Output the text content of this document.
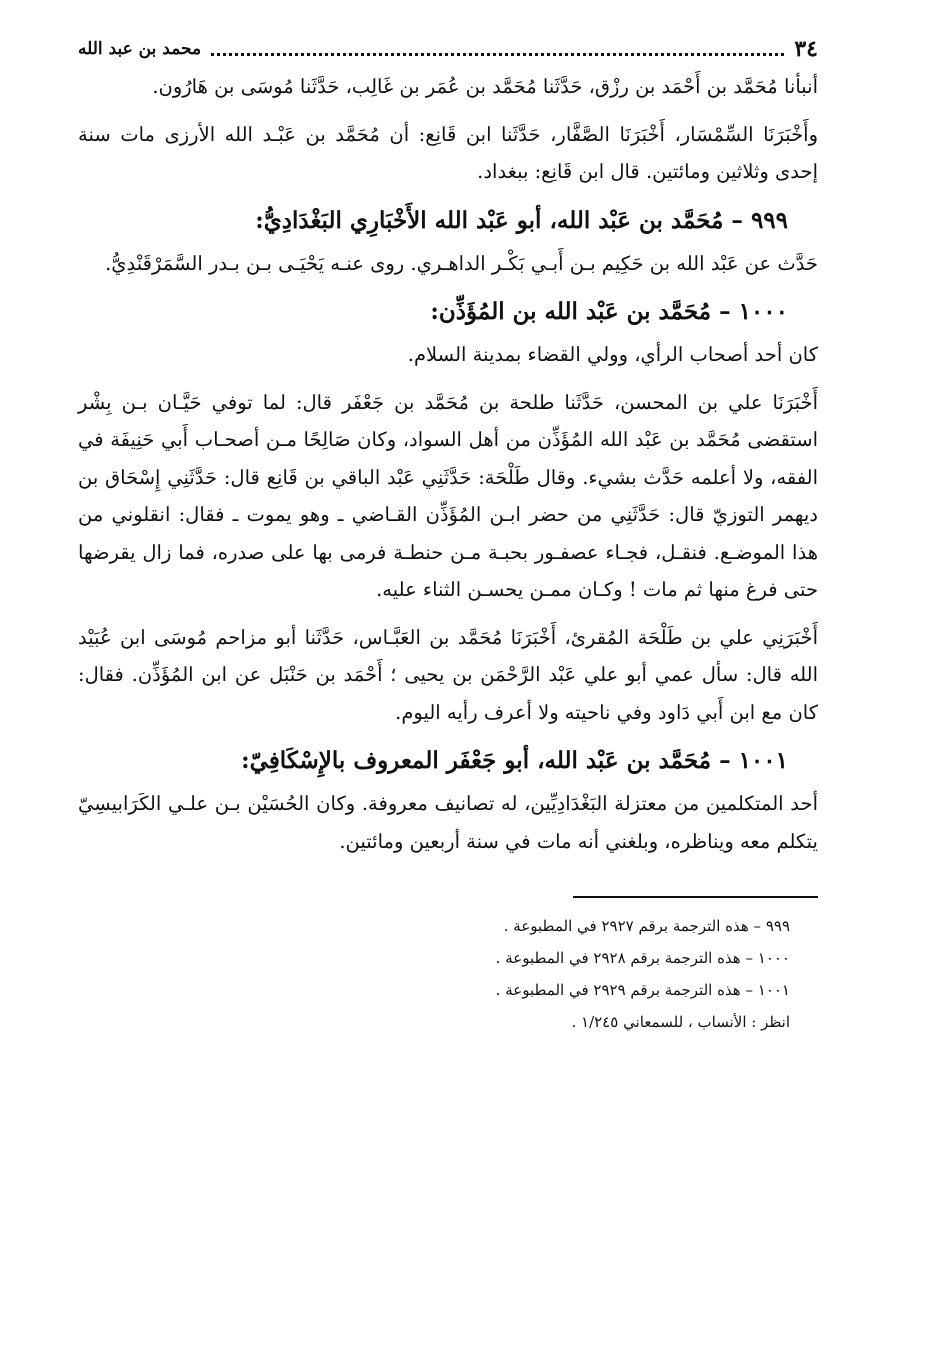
٣٤
محمد بن عبد الله

أنبأنا مُحَمَّد بن أَحْمَد بن رزْق، حَدَّثَنا مُحَمَّد بن عُمَر بن غَالِب، حَدَّثَنا مُوسَى بن هَارُون.

وأَخْبَرَنَا السِّمْسَار، أَخْبَرَنَا الصَّفَّار، حَدَّثَنا ابن قَانِع: أن مُحَمَّد بن عَبْـد الله الأرزى مات سنة إحدى وثلاثين ومائتين. قال ابن قَانِع: ببغداد.

٩٩٩– مُحَمَّد بن عَبْد الله، أبو عَبْد الله الأَخْبَارِي البَغْدَادِيُّ:

حَدَّث عن عَبْد الله بن حَكِيم بـن أَبـي بَكْـر الداهـري. روى عنـه يَحْيَـى بـن بـدر السَّمَرْقَنْدِيُّ.

١٠٠٠– مُحَمَّد بن عَبْد الله بن المُؤَذِّن:

كان أحد أصحاب الرأي، وولي القضاء بمدينة السلام.

أَخْبَرَنَا علي بن المحسن، حَدَّثَنا طلحة بن مُحَمَّد بن جَعْفَر قال: لما توفي حَيَّـان بـن بِشْر استقضى مُحَمَّد بن عَبْد الله المُؤَذِّن من أهل السواد، وكان صَالِحًا مـن أصحـاب أَبي حَنِيفَة في الفقه، ولا أعلمه حَدَّث بشيء. وقال طَلْحَة: حَدَّثَنِي عَبْد الباقي بن قَانِع قال: حَدَّثَنِي إِسْحَاق بن ديهمر التوزيّ قال: حَدَّثَنِي من حضر ابـن المُؤَذِّن القـاضي ـ وهو يموت ـ فقال: انقلوني من هذا الموضـع. فنقـل، فجـاء عصفـور بحبـة مـن حنطـة فرمى بها على صدره، فما زال يقرضها حتى فرغ منها ثم مات ! وكـان ممـن يحسـن الثناء عليه.

أَخْبَرَنِي علي بن طَلْحَة المُقرئ، أَخْبَرَنَا مُحَمَّد بن العَبَّـاس، حَدَّثَنا أبو مزاحم مُوسَى ابن عُبَيْد الله قال: سأل عمي أبو علي عَبْد الرَّحْمَن بن يحيى ؛ أَحْمَد بن حَنْبَل عن ابن المُؤَذِّن. فقال: كان مع ابن أَبي دَاود وفي ناحيته ولا أعرف رأيه اليوم.

١٠٠١– مُحَمَّد بن عَبْد الله، أبو جَعْفَر المعروف بالإِسْكَافِيّ:

أحد المتكلمين من معتزلة البَغْدَادِيِّين، له تصانيف معروفة. وكان الحُسَيْن بـن علـي الكَرَابيسِيّ يتكلم معه ويناظره، وبلغني أنه مات في سنة أربعين ومائتين.

٩٩٩ – هذه الترجمة برقم ٢٩٢٧ في المطبوعة .
١٠٠٠ – هذه الترجمة برقم ٢٩٢٨ في المطبوعة .
١٠٠١ – هذه الترجمة برقم ٢٩٢٩ في المطبوعة .
انظر : الأنساب ، للسمعاني ١/٢٤٥ .
